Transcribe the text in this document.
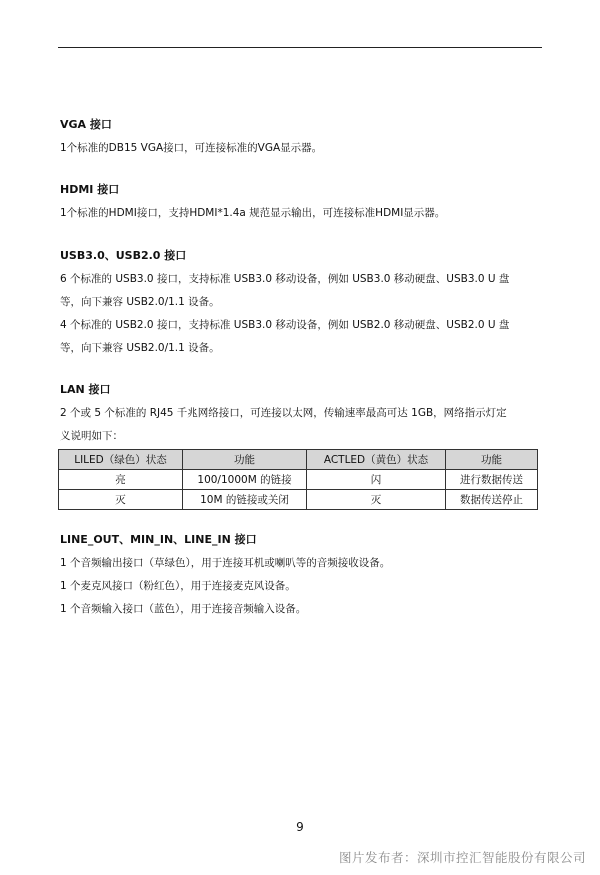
VGA 接口

1个标准的DB15 VGA接口，可连接标准的VGA显示器。

HDMI 接口

1个标准的HDMI接口，支持HDMI*1.4a 规范显示输出，可连接标准HDMI显示器。

USB3.0、USB2.0 接口

6 个标准的 USB3.0 接口，支持标准 USB3.0 移动设备，例如 USB3.0 移动硬盘、USB3.0 U 盘

等，向下兼容 USB2.0/1.1 设备。

4 个标准的 USB2.0 接口，支持标准 USB3.0 移动设备，例如 USB2.0 移动硬盘、USB2.0 U 盘

等，向下兼容 USB2.0/1.1 设备。

LAN 接口

2 个或 5 个标准的 RJ45 千兆网络接口，可连接以太网，传输速率最高可达 1GB，网络指示灯定

义说明如下：

LILED（绿色）状态	功能	ACTLED（黄色）状态	功能
亮	100/1000M 的链接	闪	进行数据传送
灭	10M 的链接或关闭	灭	数据传送停止

LINE_OUT、MIN_IN、LINE_IN 接口

1 个音频输出接口（草绿色），用于连接耳机或喇叭等的音频接收设备。

1 个麦克风接口（粉红色），用于连接麦克风设备。

1 个音频输入接口（蓝色），用于连接音频输入设备。

9
图片发布者：深圳市控汇智能股份有限公司
